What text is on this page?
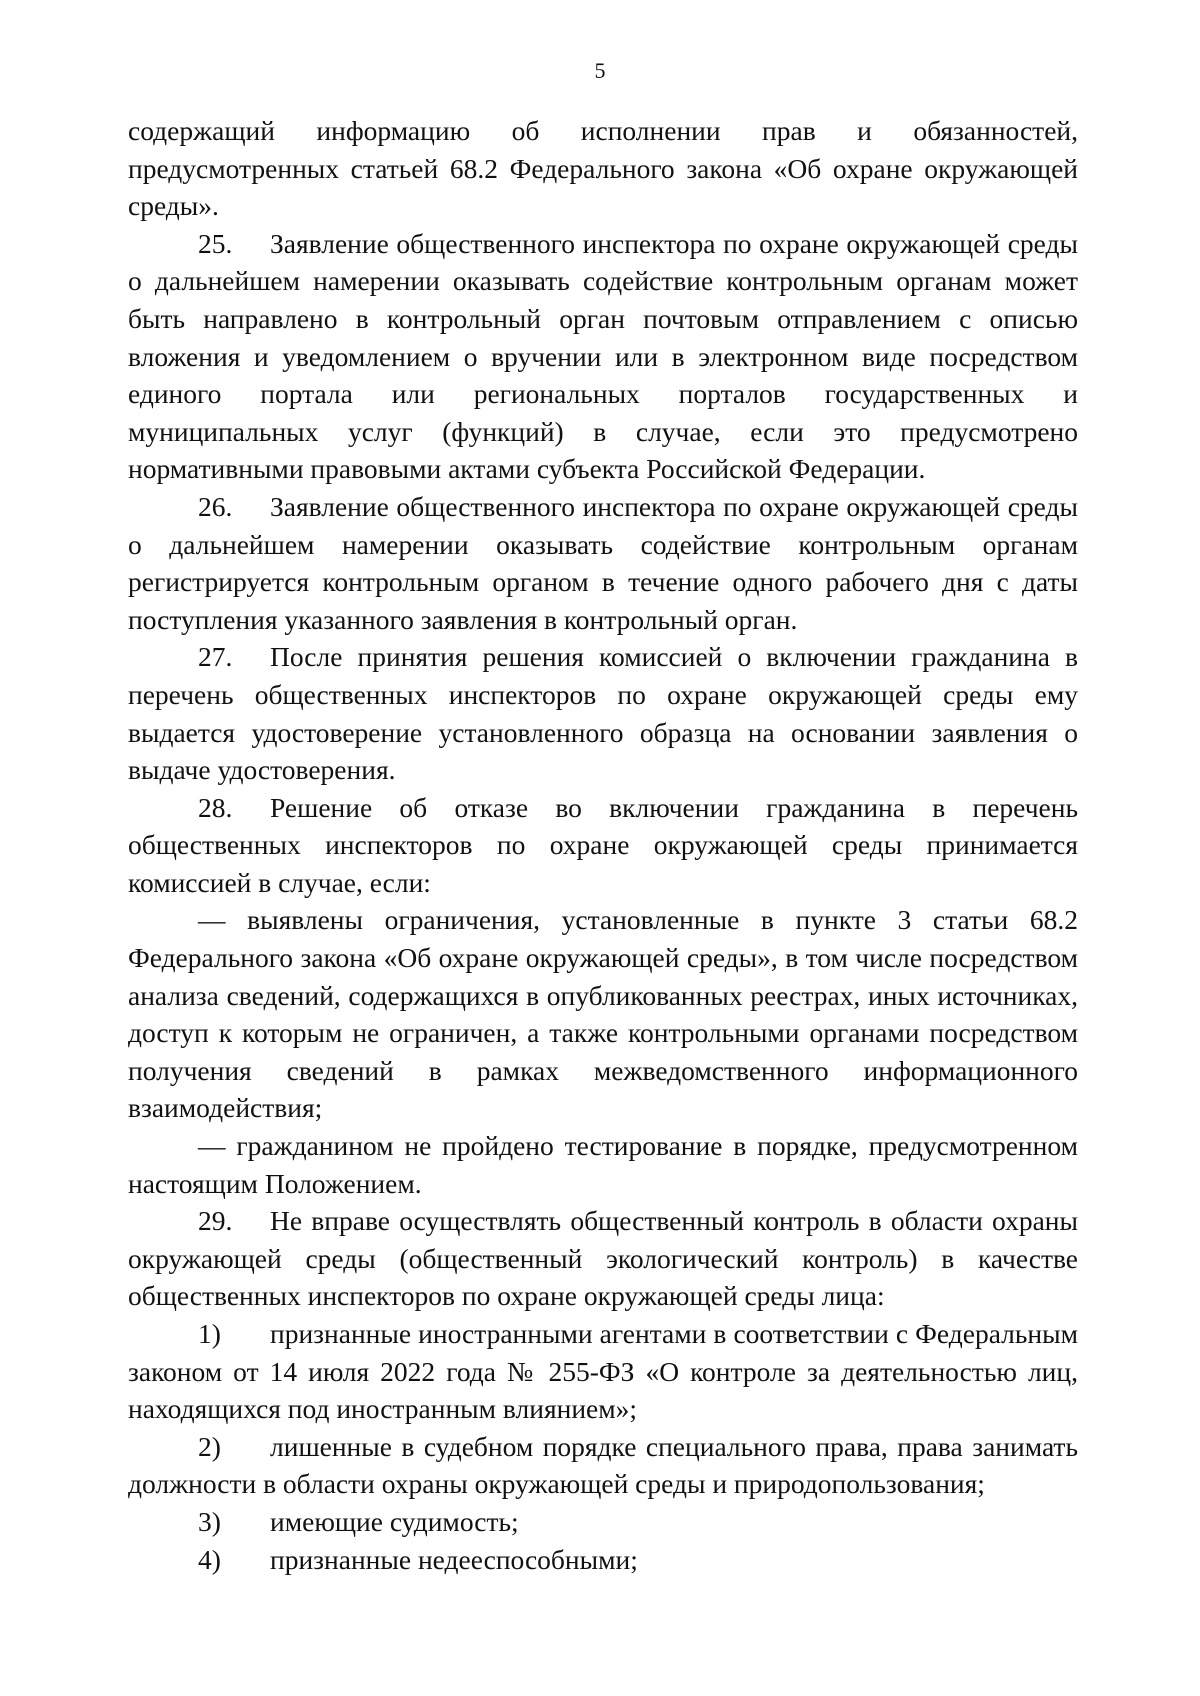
5

содержащий информацию об исполнении прав и обязанностей, предусмотренных статьей 68.2 Федерального закона «Об охране окружающей среды».

25. Заявление общественного инспектора по охране окружающей среды о дальнейшем намерении оказывать содействие контрольным органам может быть направлено в контрольный орган почтовым отправлением с описью вложения и уведомлением о вручении или в электронном виде посредством единого портала или региональных порталов государственных и муниципальных услуг (функций) в случае, если это предусмотрено нормативными правовыми актами субъекта Российской Федерации.

26. Заявление общественного инспектора по охране окружающей среды о дальнейшем намерении оказывать содействие контрольным органам регистрируется контрольным органом в течение одного рабочего дня с даты поступления указанного заявления в контрольный орган.

27. После принятия решения комиссией о включении гражданина в перечень общественных инспекторов по охране окружающей среды ему выдается удостоверение установленного образца на основании заявления о выдаче удостоверения.

28. Решение об отказе во включении гражданина в перечень общественных инспекторов по охране окружающей среды принимается комиссией в случае, если:

— выявлены ограничения, установленные в пункте 3 статьи 68.2 Федерального закона «Об охране окружающей среды», в том числе посредством анализа сведений, содержащихся в опубликованных реестрах, иных источниках, доступ к которым не ограничен, а также контрольными органами посредством получения сведений в рамках межведомственного информационного взаимодействия;

— гражданином не пройдено тестирование в порядке, предусмотренном настоящим Положением.

29. Не вправе осуществлять общественный контроль в области охраны окружающей среды (общественный экологический контроль) в качестве общественных инспекторов по охране окружающей среды лица:

1) признанные иностранными агентами в соответствии с Федеральным законом от 14 июля 2022 года № 255-ФЗ «О контроле за деятельностью лиц, находящихся под иностранным влиянием»;

2) лишенные в судебном порядке специального права, права занимать должности в области охраны окружающей среды и природопользования;

3) имеющие судимость;

4) признанные недееспособными;
